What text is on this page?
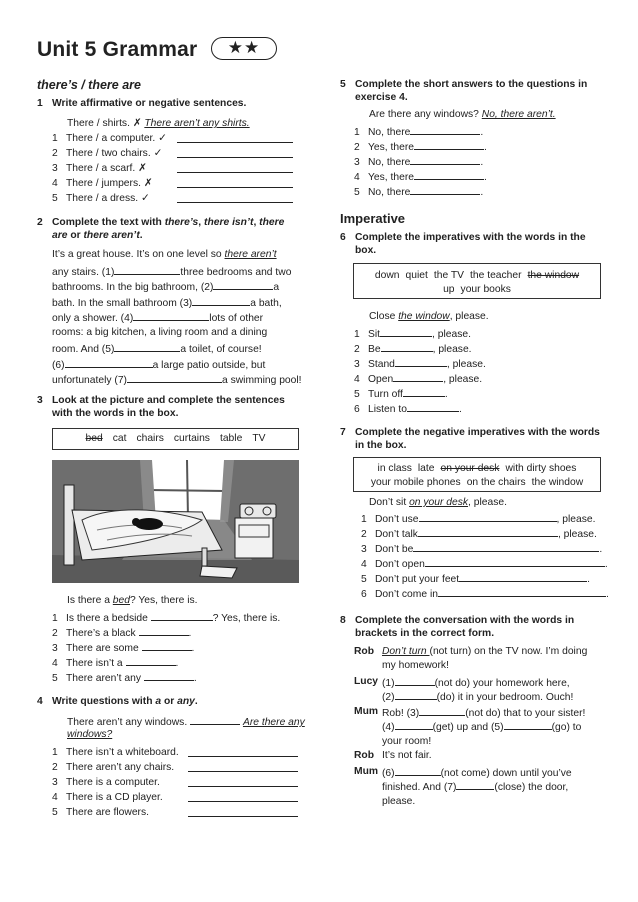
Unit 5 Grammar	★★
there’s / there are
1 Write affirmative or negative sentences.
There / shirts. ✗ There aren’t any shirts.
1 There / a computer. ✓
2 There / two chairs. ✓
3 There / a scarf. ✗
4 There / jumpers. ✗
5 There / a dress. ✓
2 Complete the text with there’s, there isn’t, there are or there aren’t.
It’s a great house. It’s on one level so there aren’t
any stairs. (1)	three bedrooms and two
bathrooms. In the big bathroom, (2)	a
bath. In the small bathroom (3)	a bath,
only a shower. (4)	lots of other
rooms: a big kitchen, a living room and a dining
room. And (5)	a toilet, of course!
(6)	a large patio outside, but
unfortunately (7)	a swimming pool!
3 Look at the picture and complete the sentences with the words in the box.
bed cat chairs curtains table TV
Is there a bed? Yes, there is.
1 Is there a bedside	? Yes, there is.
2 There’s a black	.
3 There are some	.
4 There isn’t a	.
5 There aren’t any	.
4 Write questions with a or any.
There aren’t any windows.	Are there any
windows?
1 There isn’t a whiteboard.
2 There aren’t any chairs.
3 There is a computer.
4 There is a CD player.
5 There are flowers.
5 Complete the short answers to the questions in exercise 4.
Are there any windows? No, there aren’t.
1 No, there	.
2 Yes, there	.
3 No, there	.
4 Yes, there	.
5 No, there	.
Imperative
6 Complete the imperatives with the words in the box.
down quiet the TV the teacher the window
up your books
Close the window, please.
1 Sit	, please.
2 Be	, please.
3 Stand	, please.
4 Open	, please.
5 Turn off	.
6 Listen to	.
7 Complete the negative imperatives with the words in the box.
in class late on your desk with dirty shoes
your mobile phones on the chairs the window
Don’t sit on your desk, please.
1 Don’t use	, please.
2 Don’t talk	, please.
3 Don’t be	.
4 Don’t open	.
5 Don’t put your feet	.
6 Don’t come in	.
8 Complete the conversation with the words in brackets in the correct form.
Rob Don’t turn (not turn) on the TV now. I’m doing
my homework!
Lucy (1)	(not do) your homework here,
(2)	(do) it in your bedroom. Ouch!
Mum Rob! (3)	(not do) that to your sister!
(4)	(get) up and (5)	(go) to
your room!
Rob It’s not fair.
Mum (6)	(not come) down until you’ve
finished. And (7)	(close) the door,
please.
